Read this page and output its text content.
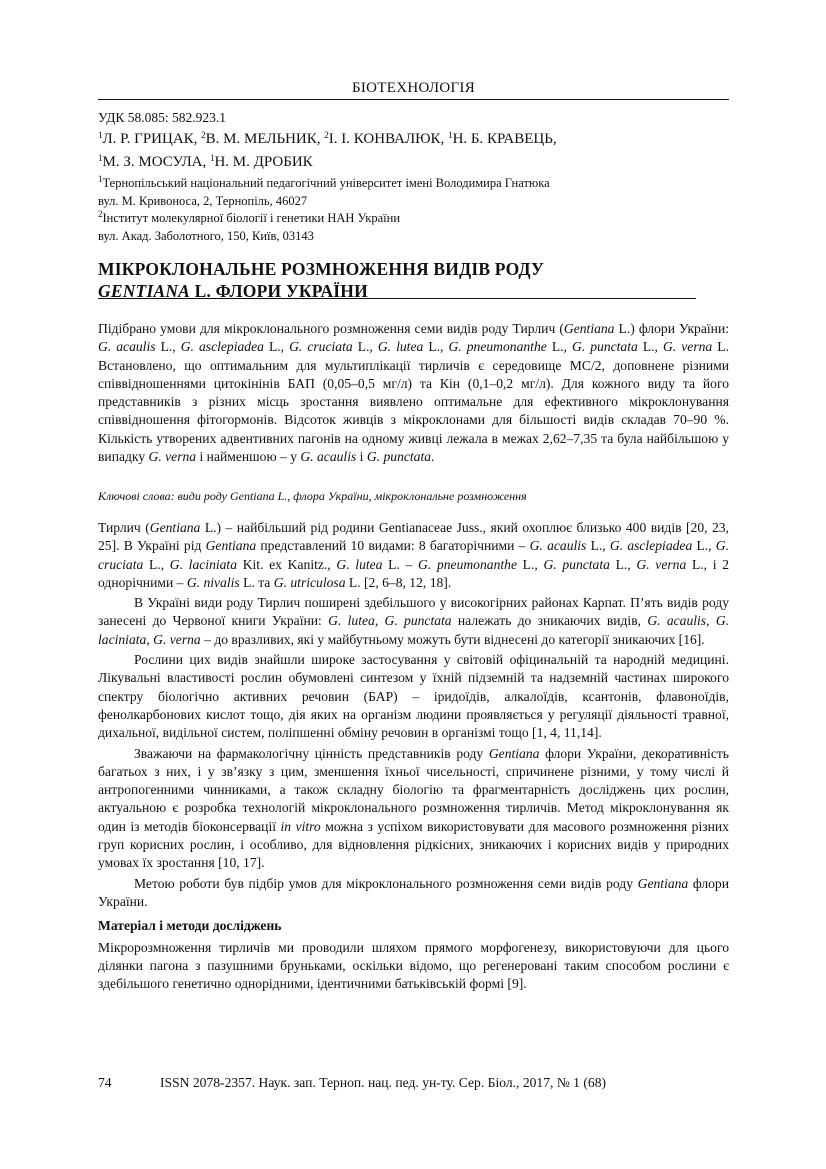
БІОТЕХНОЛОГІЯ
УДК 58.085: 582.923.1
$^1$Л. Р. ГРИЦАК, $^2$В. М. МЕЛЬНИК, $^2$І. І. КОНВАЛЮК, $^1$Н. Б. КРАВЕЦЬ,
$^1$М. З. МОСУЛА, $^1$Н. М. ДРОБИК
$^1$Тернопільський національний педагогічний університет імені Володимира Гнатюка
вул. М. Кривоноса, 2, Тернопіль, 46027
$^2$Інститут молекулярної біології і генетики НАН України
вул. Акад. Заболотного, 150, Київ, 03143
МІКРОКЛОНАЛЬНЕ РОЗМНОЖЕННЯ ВИДІВ РОДУ
GENTIANA L. ФЛОРИ УКРАЇНИ
Підібрано умови для мікроклонального розмноження семи видів роду Тирлич (Gentiana L.) флори України: G. acaulis L., G. asclepiadea L., G. cruciata L., G. lutea L., G. pneumonanthe L., G. punctata L., G. verna L. Встановлено, що оптимальним для мультиплікації тирличів є середовище МС/2, доповнене різними співвідношеннями цитокінінів БАП (0,05–0,5 мг/л) та Кін (0,1–0,2 мг/л). Для кожного виду та його представників з різних місць зростання виявлено оптимальне для ефективного мікроклонування співвідношення фітогормонів. Відсоток живців з мікроклонами для більшості видів складав 70–90 %. Кількість утворених адвентивних пагонів на одному живці лежала в межах 2,62–7,35 та була найбільшою у випадку G. verna і найменшою – у G. acaulis і G. punctata.
Ключові слова: види роду Gentiana L., флора України, мікроклональне розмноження

Тирлич (Gentiana L.) – найбільший рід родини Gentianaceae Juss., який охоплює близько 400 видів [20, 23, 25]. В Україні рід Gentiana представлений 10 видами: 8 багаторічними – G. acaulis L., G. asclepiadea L., G. cruciata L., G. laciniata Kit. ex Kanitz., G. lutea L. – G. pneumonanthe L., G. punctata L., G. verna L., і 2 однорічними – G. nivalis L. та G. utriculosa L. [2, 6–8, 12, 18].

В Україні види роду Тирлич поширені здебільшого у високогірних районах Карпат. П’ять видів роду занесені до Червоної книги України: G. lutea, G. punctata належать до зникаючих видів, G. acaulis, G. laciniata, G. verna – до вразливих, які у майбутньому можуть бути віднесені до категорії зникаючих [16].

Рослини цих видів знайшли широке застосування у світовій офіцинальній та народній медицині. Лікувальні властивості рослин обумовлені синтезом у їхній підземній та надземній частинах широкого спектру біологічно активних речовин (БАР) – іридоїдів, алкалоїдів, ксантонів, флавоноїдів, фенолкарбонових кислот тощо, дія яких на організм людини проявляється у регуляції діяльності травної, дихальної, видільної систем, поліпшенні обміну речовин в організмі тощо [1, 4, 11,14].

Зважаючи на фармакологічну цінність представників роду Gentiana флори України, декоративність багатьох з них, і у зв’язку з цим, зменшення їхньої чисельності, спричинене різними, у тому числі й антропогенними чинниками, а також складну біологію та фрагментарність досліджень цих рослин, актуальною є розробка технологій мікроклонального розмноження тирличів. Метод мікроклонування як один із методів біоконсервації in vitro можна з успіхом використовувати для масового розмноження різних груп корисних рослин, і особливо, для відновлення рідкісних, зникаючих і корисних видів у природних умовах їх зростання [10, 17].

Метою роботи був підбір умов для мікроклонального розмноження семи видів роду Gentiana флори України.

Матеріал і методи досліджень

Мікророзмноження тирличів ми проводили шляхом прямого морфогенезу, використовуючи для цього ділянки пагона з пазушними бруньками, оскільки відомо, що регенеровані таким способом рослини є здебільшого генетично однорідними, ідентичними батьківській формі [9].

74	ISSN 2078-2357. Наук. зап. Терноп. нац. пед. ун-ту. Сер. Біол., 2017, № 1 (68)
